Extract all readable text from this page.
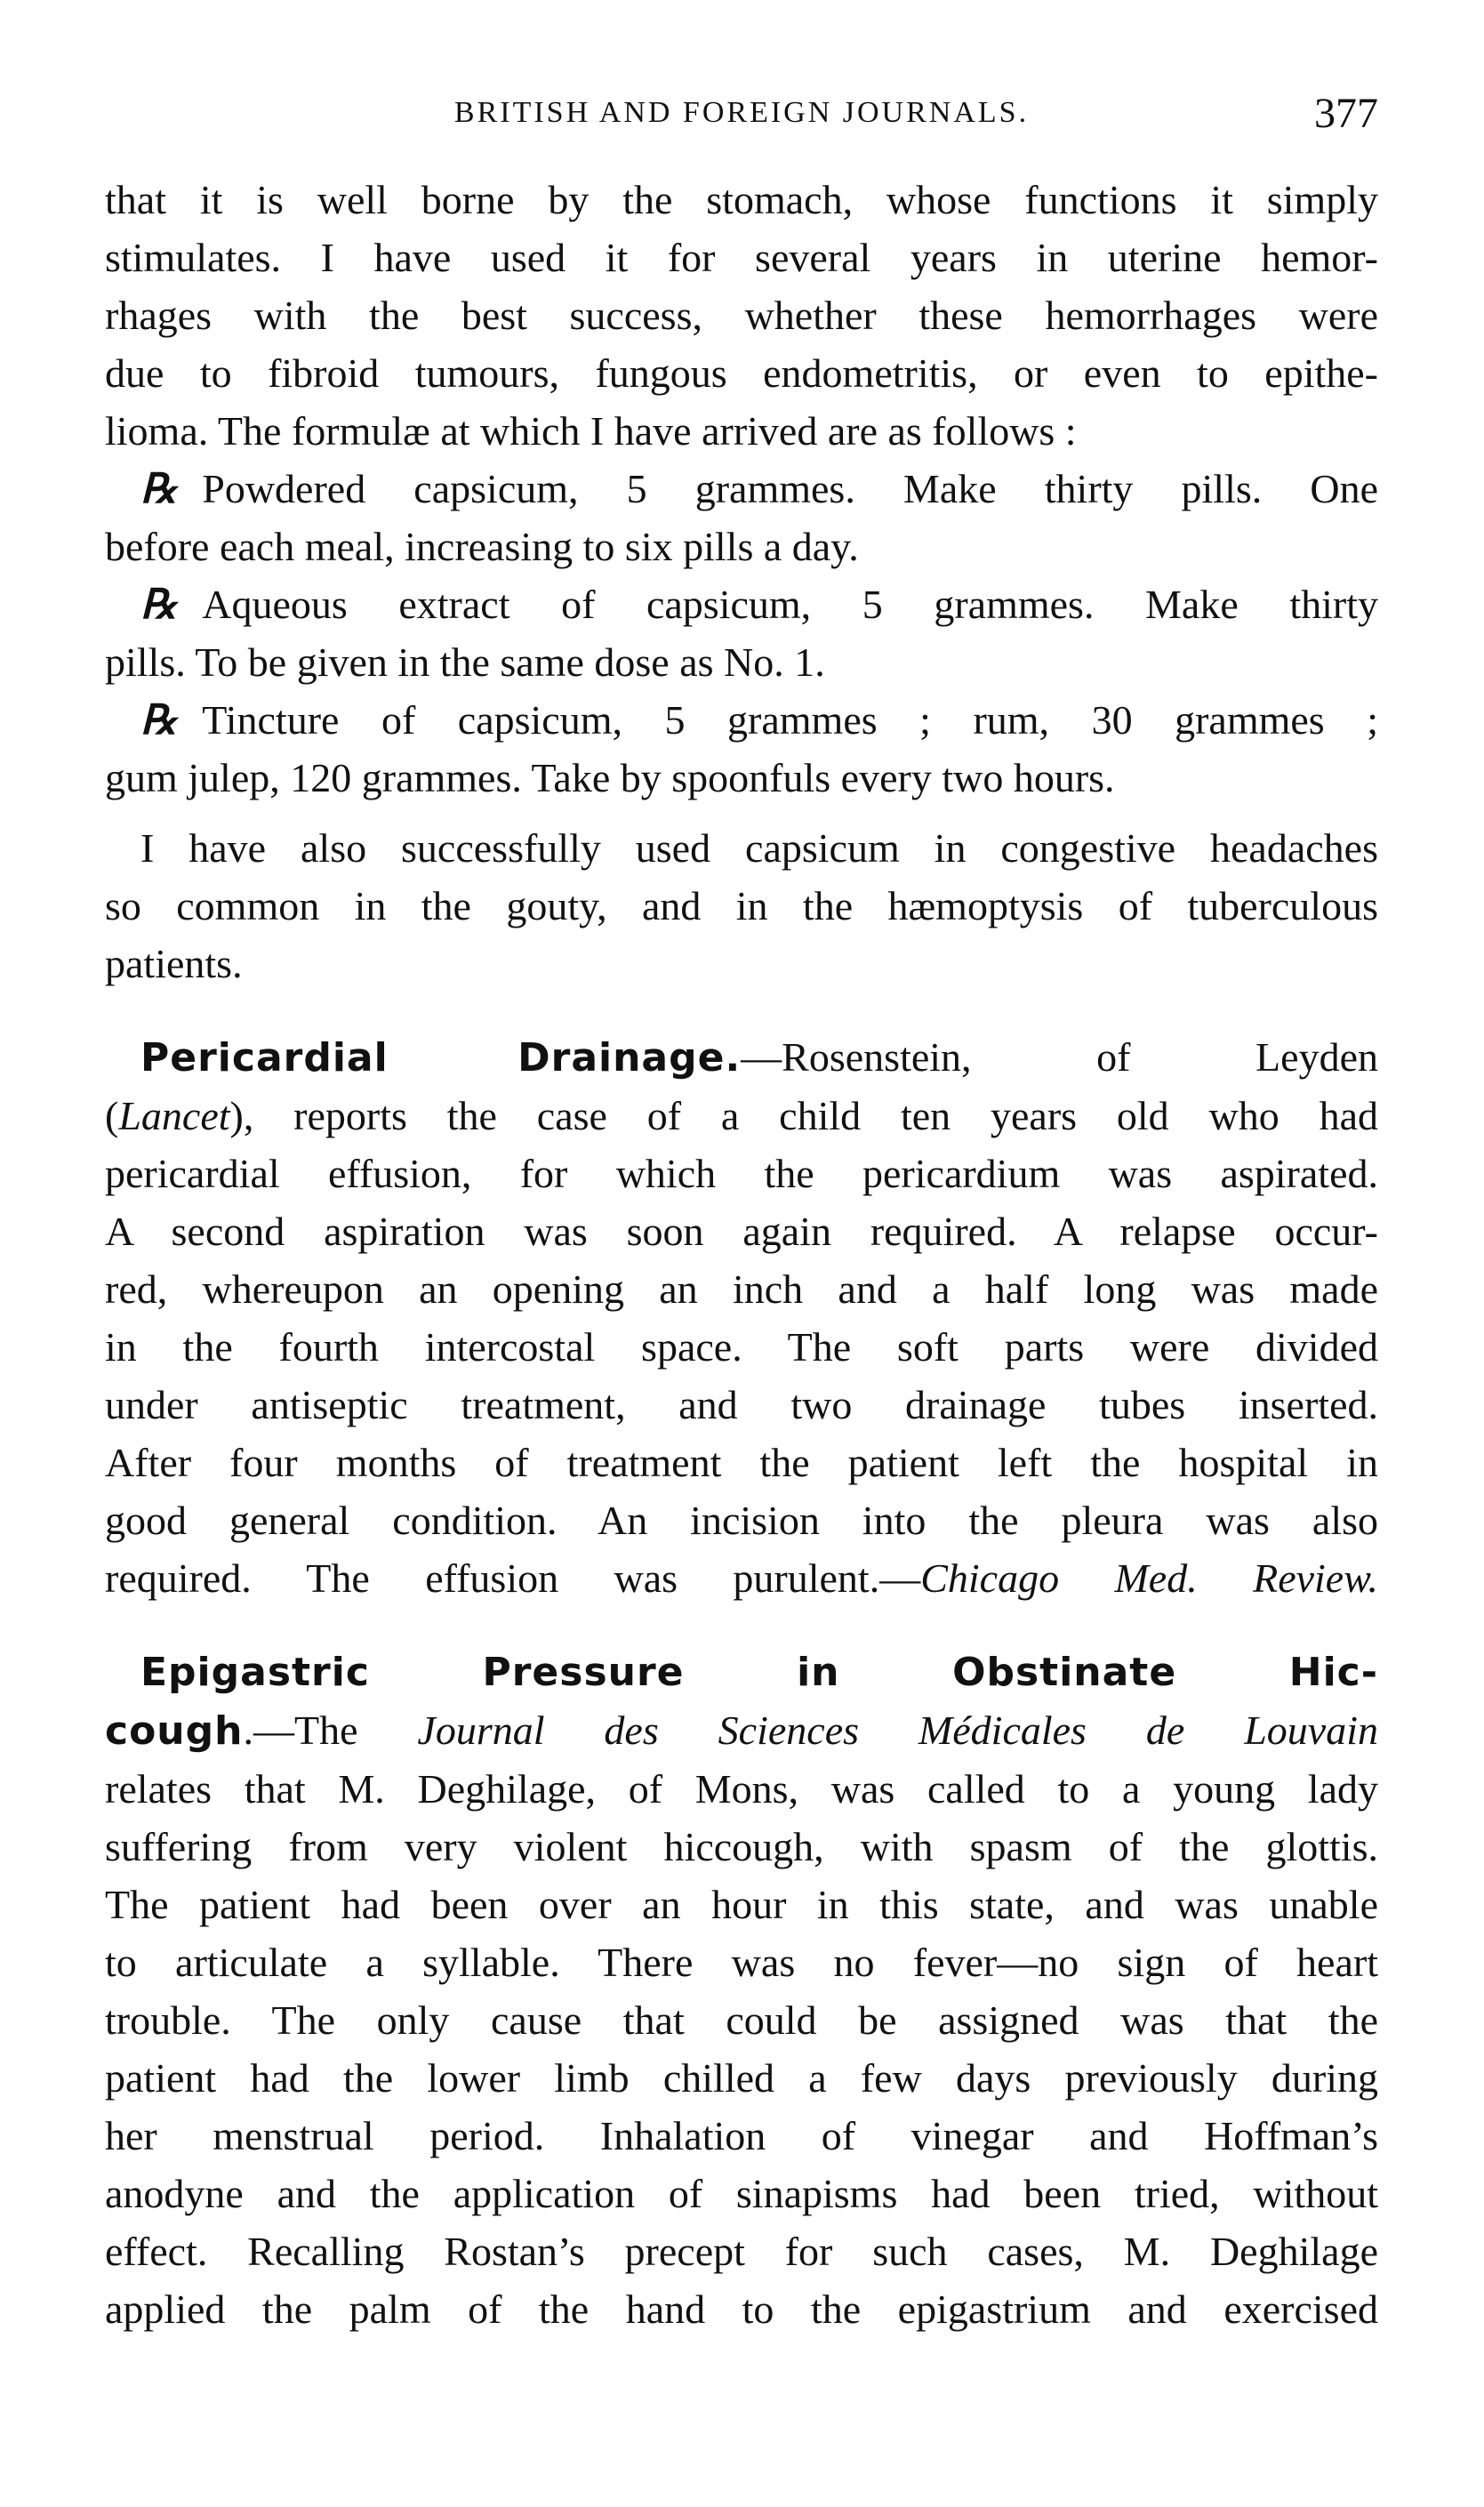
BRITISH AND FOREIGN JOURNALS.	377
that it is well borne by the stomach, whose functions it simply
stimulates. I have used it for several years in uterine hemor-
rhages with the best success, whether these hemorrhages were
due to fibroid tumours, fungous endometritis, or even to epithe-
lioma. The formulæ at which I have arrived are as follows :
℞ Powdered capsicum, 5 grammes. Make thirty pills. One
before each meal, increasing to six pills a day.
℞ Aqueous extract of capsicum, 5 grammes. Make thirty
pills. To be given in the same dose as No. 1.
℞ Tincture of capsicum, 5 grammes ; rum, 30 grammes ;
gum julep, 120 grammes. Take by spoonfuls every two hours.
I have also successfully used capsicum in congestive headaches
so common in the gouty, and in the hæmoptysis of tuberculous
patients.
Pericardial Drainage.—Rosenstein, of Leyden
(Lancet), reports the case of a child ten years old who had
pericardial effusion, for which the pericardium was aspirated.
A second aspiration was soon again required. A relapse occur-
red, whereupon an opening an inch and a half long was made
in the fourth intercostal space. The soft parts were divided
under antiseptic treatment, and two drainage tubes inserted.
After four months of treatment the patient left the hospital in
good general condition. An incision into the pleura was also
required. The effusion was purulent.—Chicago Med. Review.
Epigastric Pressure in Obstinate Hic-
cough.—The Journal des Sciences Médicales de Louvain
relates that M. Deghilage, of Mons, was called to a young lady
suffering from very violent hiccough, with spasm of the glottis.
The patient had been over an hour in this state, and was unable
to articulate a syllable. There was no fever—no sign of heart
trouble. The only cause that could be assigned was that the
patient had the lower limb chilled a few days previously during
her menstrual period. Inhalation of vinegar and Hoffman’s
anodyne and the application of sinapisms had been tried, without
effect. Recalling Rostan’s precept for such cases, M. Deghilage
applied the palm of the hand to the epigastrium and exercised
